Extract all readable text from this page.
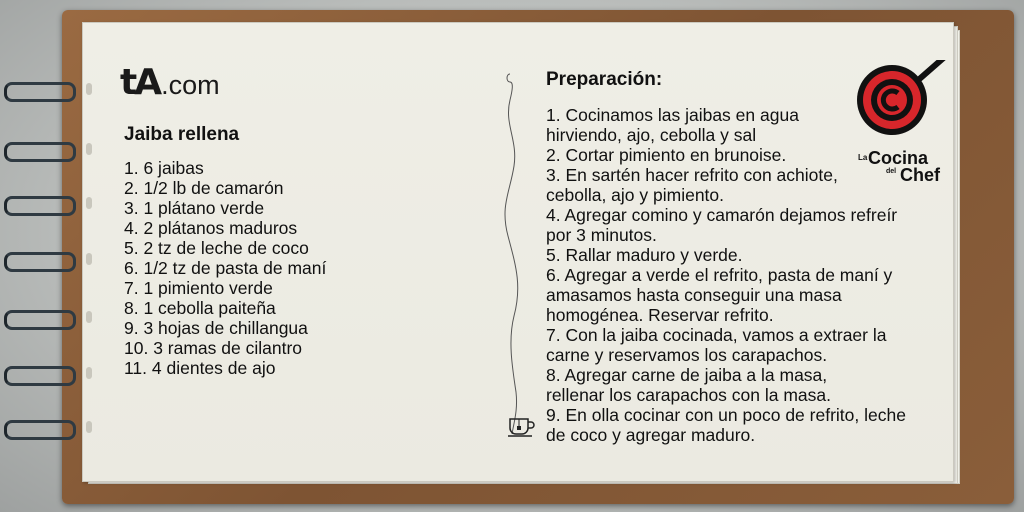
tA .com
Jaiba rellena
1. 6 jaibas
2. 1/2 lb de camarón
3. 1 plátano verde
4. 2 plátanos maduros
5. 2 tz de leche de coco
6. 1/2 tz de pasta de maní
7. 1 pimiento verde
8. 1 cebolla paiteña
9. 3 hojas de chillangua
10. 3 ramas de cilantro
11. 4 dientes de ajo
Preparación:
1. Cocinamos las jaibas en agua hirviendo, ajo, cebolla y sal
2. Cortar pimiento en brunoise.
3. En sartén hacer refrito con achiote, cebolla, ajo y pimiento.
4. Agregar comino y camarón dejamos refreír por 3 minutos.
5. Rallar maduro y verde.
6. Agregar a verde el refrito, pasta de maní y amasamos hasta conseguir una masa homogénea. Reservar refrito.
7. Con la jaiba cocinada, vamos a extraer la carne y reservamos los carapachos.
8. Agregar carne de jaiba a la masa, rellenar los carapachos con la masa.
9. En olla cocinar con un poco de refrito, leche de coco y agregar maduro.
La Cocina
del Chef
